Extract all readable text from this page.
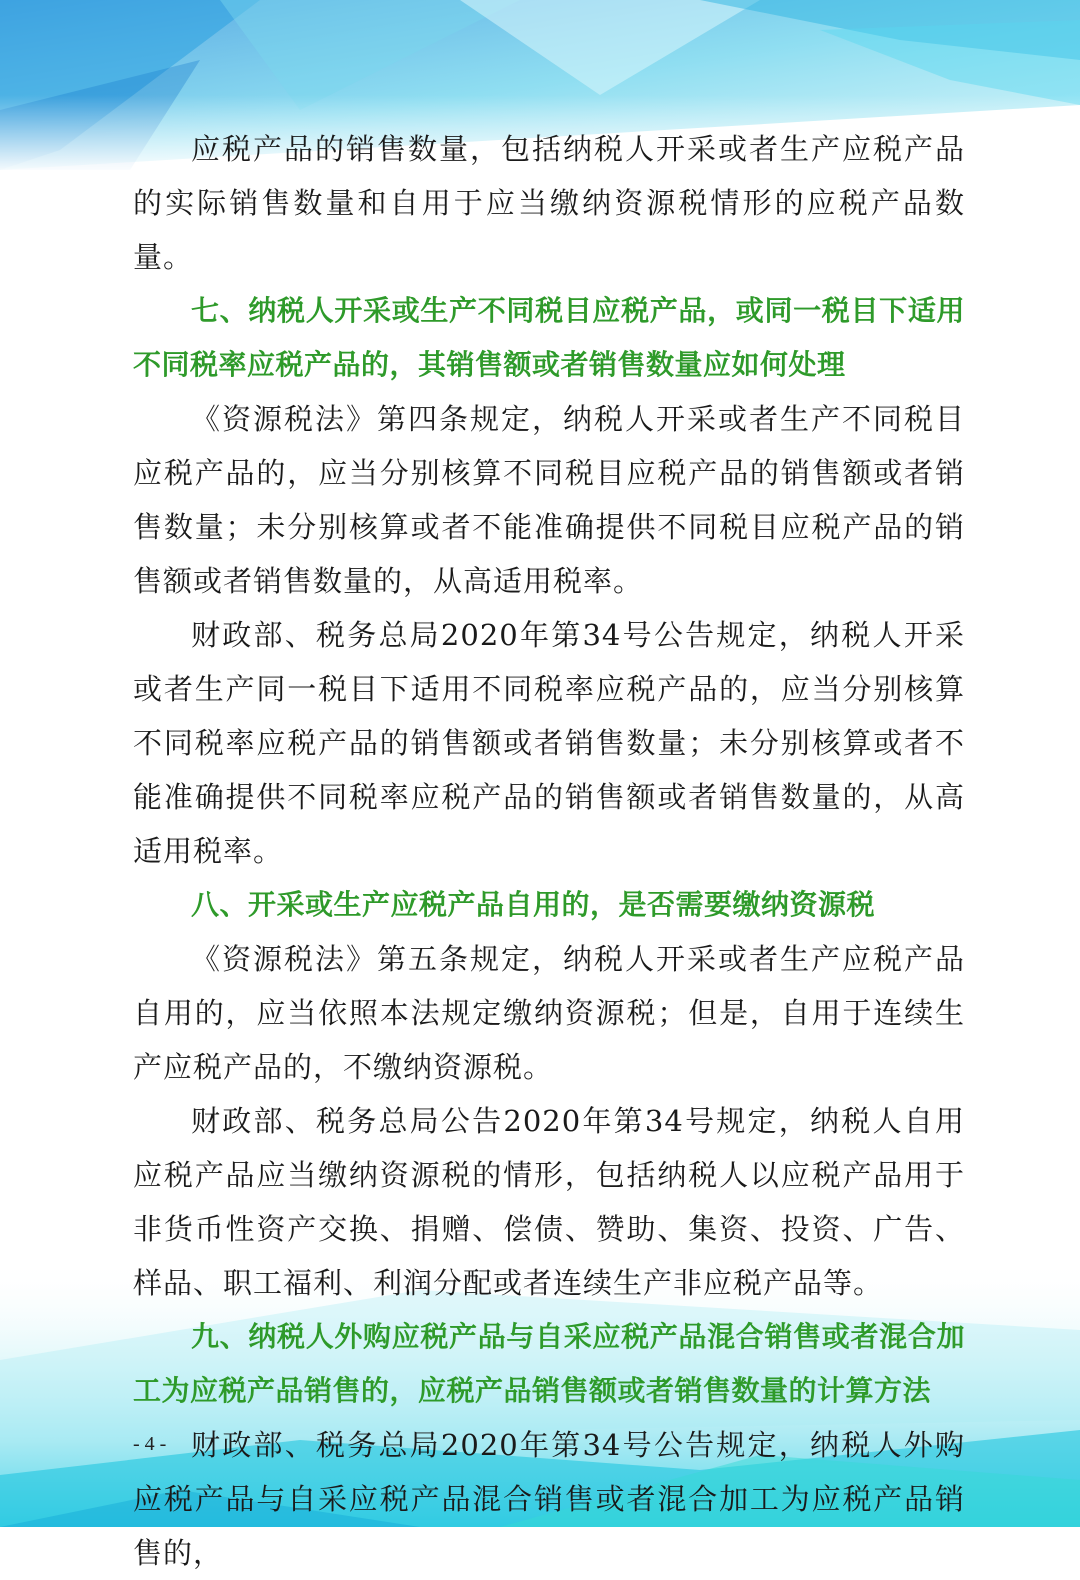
应税产品的销售数量，包括纳税人开采或者生产应税产品的实际销售数量和自用于应当缴纳资源税情形的应税产品数量。

七、纳税人开采或生产不同税目应税产品，或同一税目下适用不同税率应税产品的，其销售额或者销售数量应如何处理

《资源税法》第四条规定，纳税人开采或者生产不同税目应税产品的，应当分别核算不同税目应税产品的销售额或者销售数量；未分别核算或者不能准确提供不同税目应税产品的销售额或者销售数量的，从高适用税率。

财政部、税务总局2020年第34号公告规定，纳税人开采或者生产同一税目下适用不同税率应税产品的，应当分别核算不同税率应税产品的销售额或者销售数量；未分别核算或者不能准确提供不同税率应税产品的销售额或者销售数量的，从高适用税率。

八、开采或生产应税产品自用的，是否需要缴纳资源税

《资源税法》第五条规定，纳税人开采或者生产应税产品自用的，应当依照本法规定缴纳资源税；但是，自用于连续生产应税产品的，不缴纳资源税。

财政部、税务总局公告2020年第34号规定，纳税人自用应税产品应当缴纳资源税的情形，包括纳税人以应税产品用于非货币性资产交换、捐赠、偿债、赞助、集资、投资、广告、样品、职工福利、利润分配或者连续生产非应税产品等。

九、纳税人外购应税产品与自采应税产品混合销售或者混合加工为应税产品销售的，应税产品销售额或者销售数量的计算方法

财政部、税务总局2020年第34号公告规定，纳税人外购应税产品与自采应税产品混合销售或者混合加工为应税产品销售的，

- 4 -
